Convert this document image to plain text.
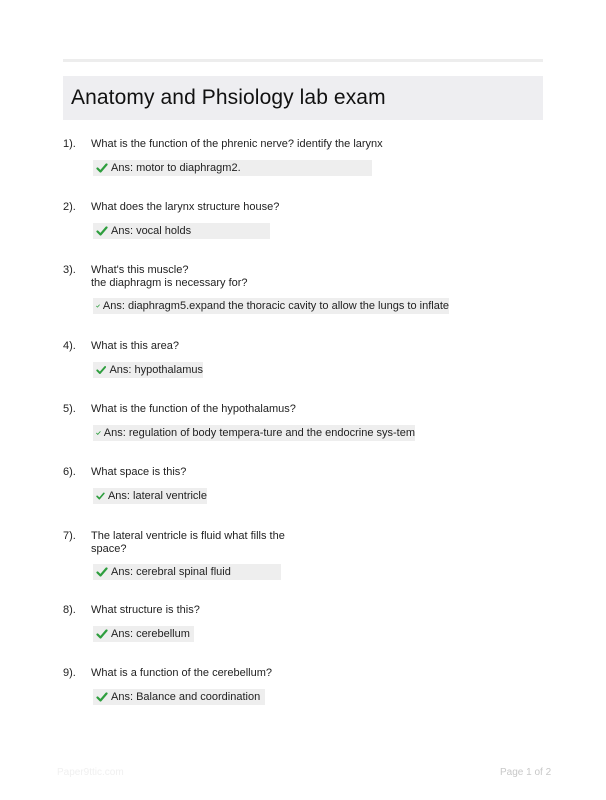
Anatomy and Phsiology lab exam
1). What is the function of the phrenic nerve? identify the larynx
Ans: motor to diaphragm2.
2). What does the larynx structure house?
Ans: vocal holds
3). What's this muscle?
the diaphragm is necessary for?
Ans: diaphragm5.expand the thoracic cavity to allow the lungs to inflate
4). What is this area?
Ans: hypothalamus
5). What is the function of the hypothalamus?
Ans: regulation of body tempera-ture and the endocrine sys-tem
6). What space is this?
Ans: lateral ventricle
7). The lateral ventricle is fluid what fills the
space?
Ans: cerebral spinal fluid
8). What structure is this?
Ans: cerebellum
9). What is a function of the cerebellum?
Ans: Balance and coordination
Paper9ttic.com	Page 1 of 2
